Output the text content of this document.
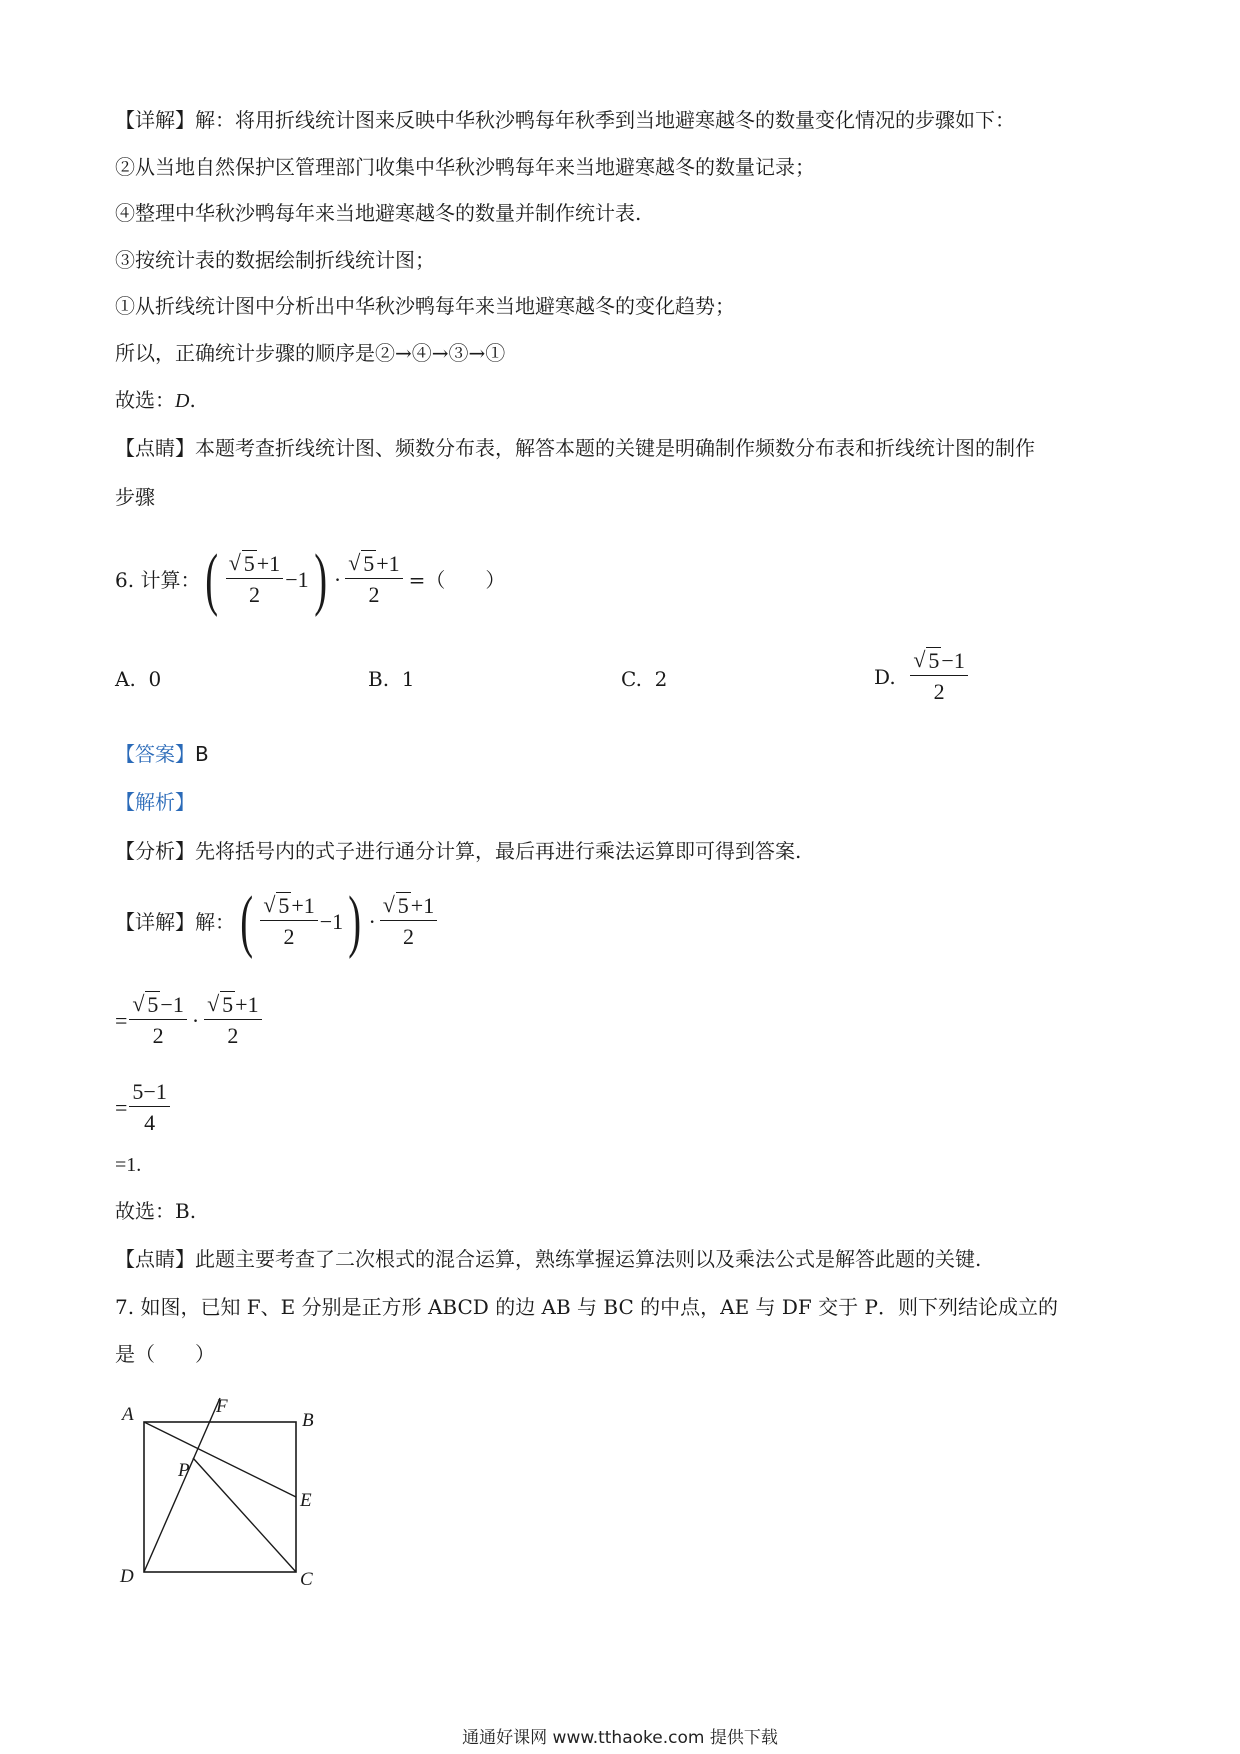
【详解】解：将用折线统计图来反映中华秋沙鸭每年秋季到当地避寒越冬的数量变化情况的步骤如下：
②从当地自然保护区管理部门收集中华秋沙鸭每年来当地避寒越冬的数量记录；
④整理中华秋沙鸭每年来当地避寒越冬的数量并制作统计表.
③按统计表的数据绘制折线统计图；
①从折线统计图中分析出中华秋沙鸭每年来当地避寒越冬的变化趋势；
所以，正确统计步骤的顺序是②→④→③→①
故选：D.
【点睛】本题考查折线统计图、频数分布表，解答本题的关键是明确制作频数分布表和折线统计图的制作
步骤
6. 计算： ( $\frac{√ 5+1}{2} -1$ ) · $\frac{√ 5+1}{2}$ =（　　）
A. 0	B. 1	C. 2	D.
$\frac{√ 5-1}{2}$
【答案】B
【解析】
【分析】先将括号内的式子进行通分计算，最后再进行乘法运算即可得到答案.
【详解】解： ( $\frac{√ 5+1}{2} -1$ ) · $\frac{√ 5+1}{2}$
= $\frac{√ 5-1}{2} \cdot \frac{√ 5+1}{2}$
= $\frac{5-1}{4}$
=1.
故选：B.
【点睛】此题主要考查了二次根式的混合运算，熟练掌握运算法则以及乘法公式是解答此题的关键.
7. 如图，已知 F、E 分别是正方形 ABCD 的边 AB 与 BC 的中点，AE 与 DF 交于 P．则下列结论成立的
是（　　）
A	B
C
D
E
F
P
通通好课网 www.tthaoke.com 提供下载
